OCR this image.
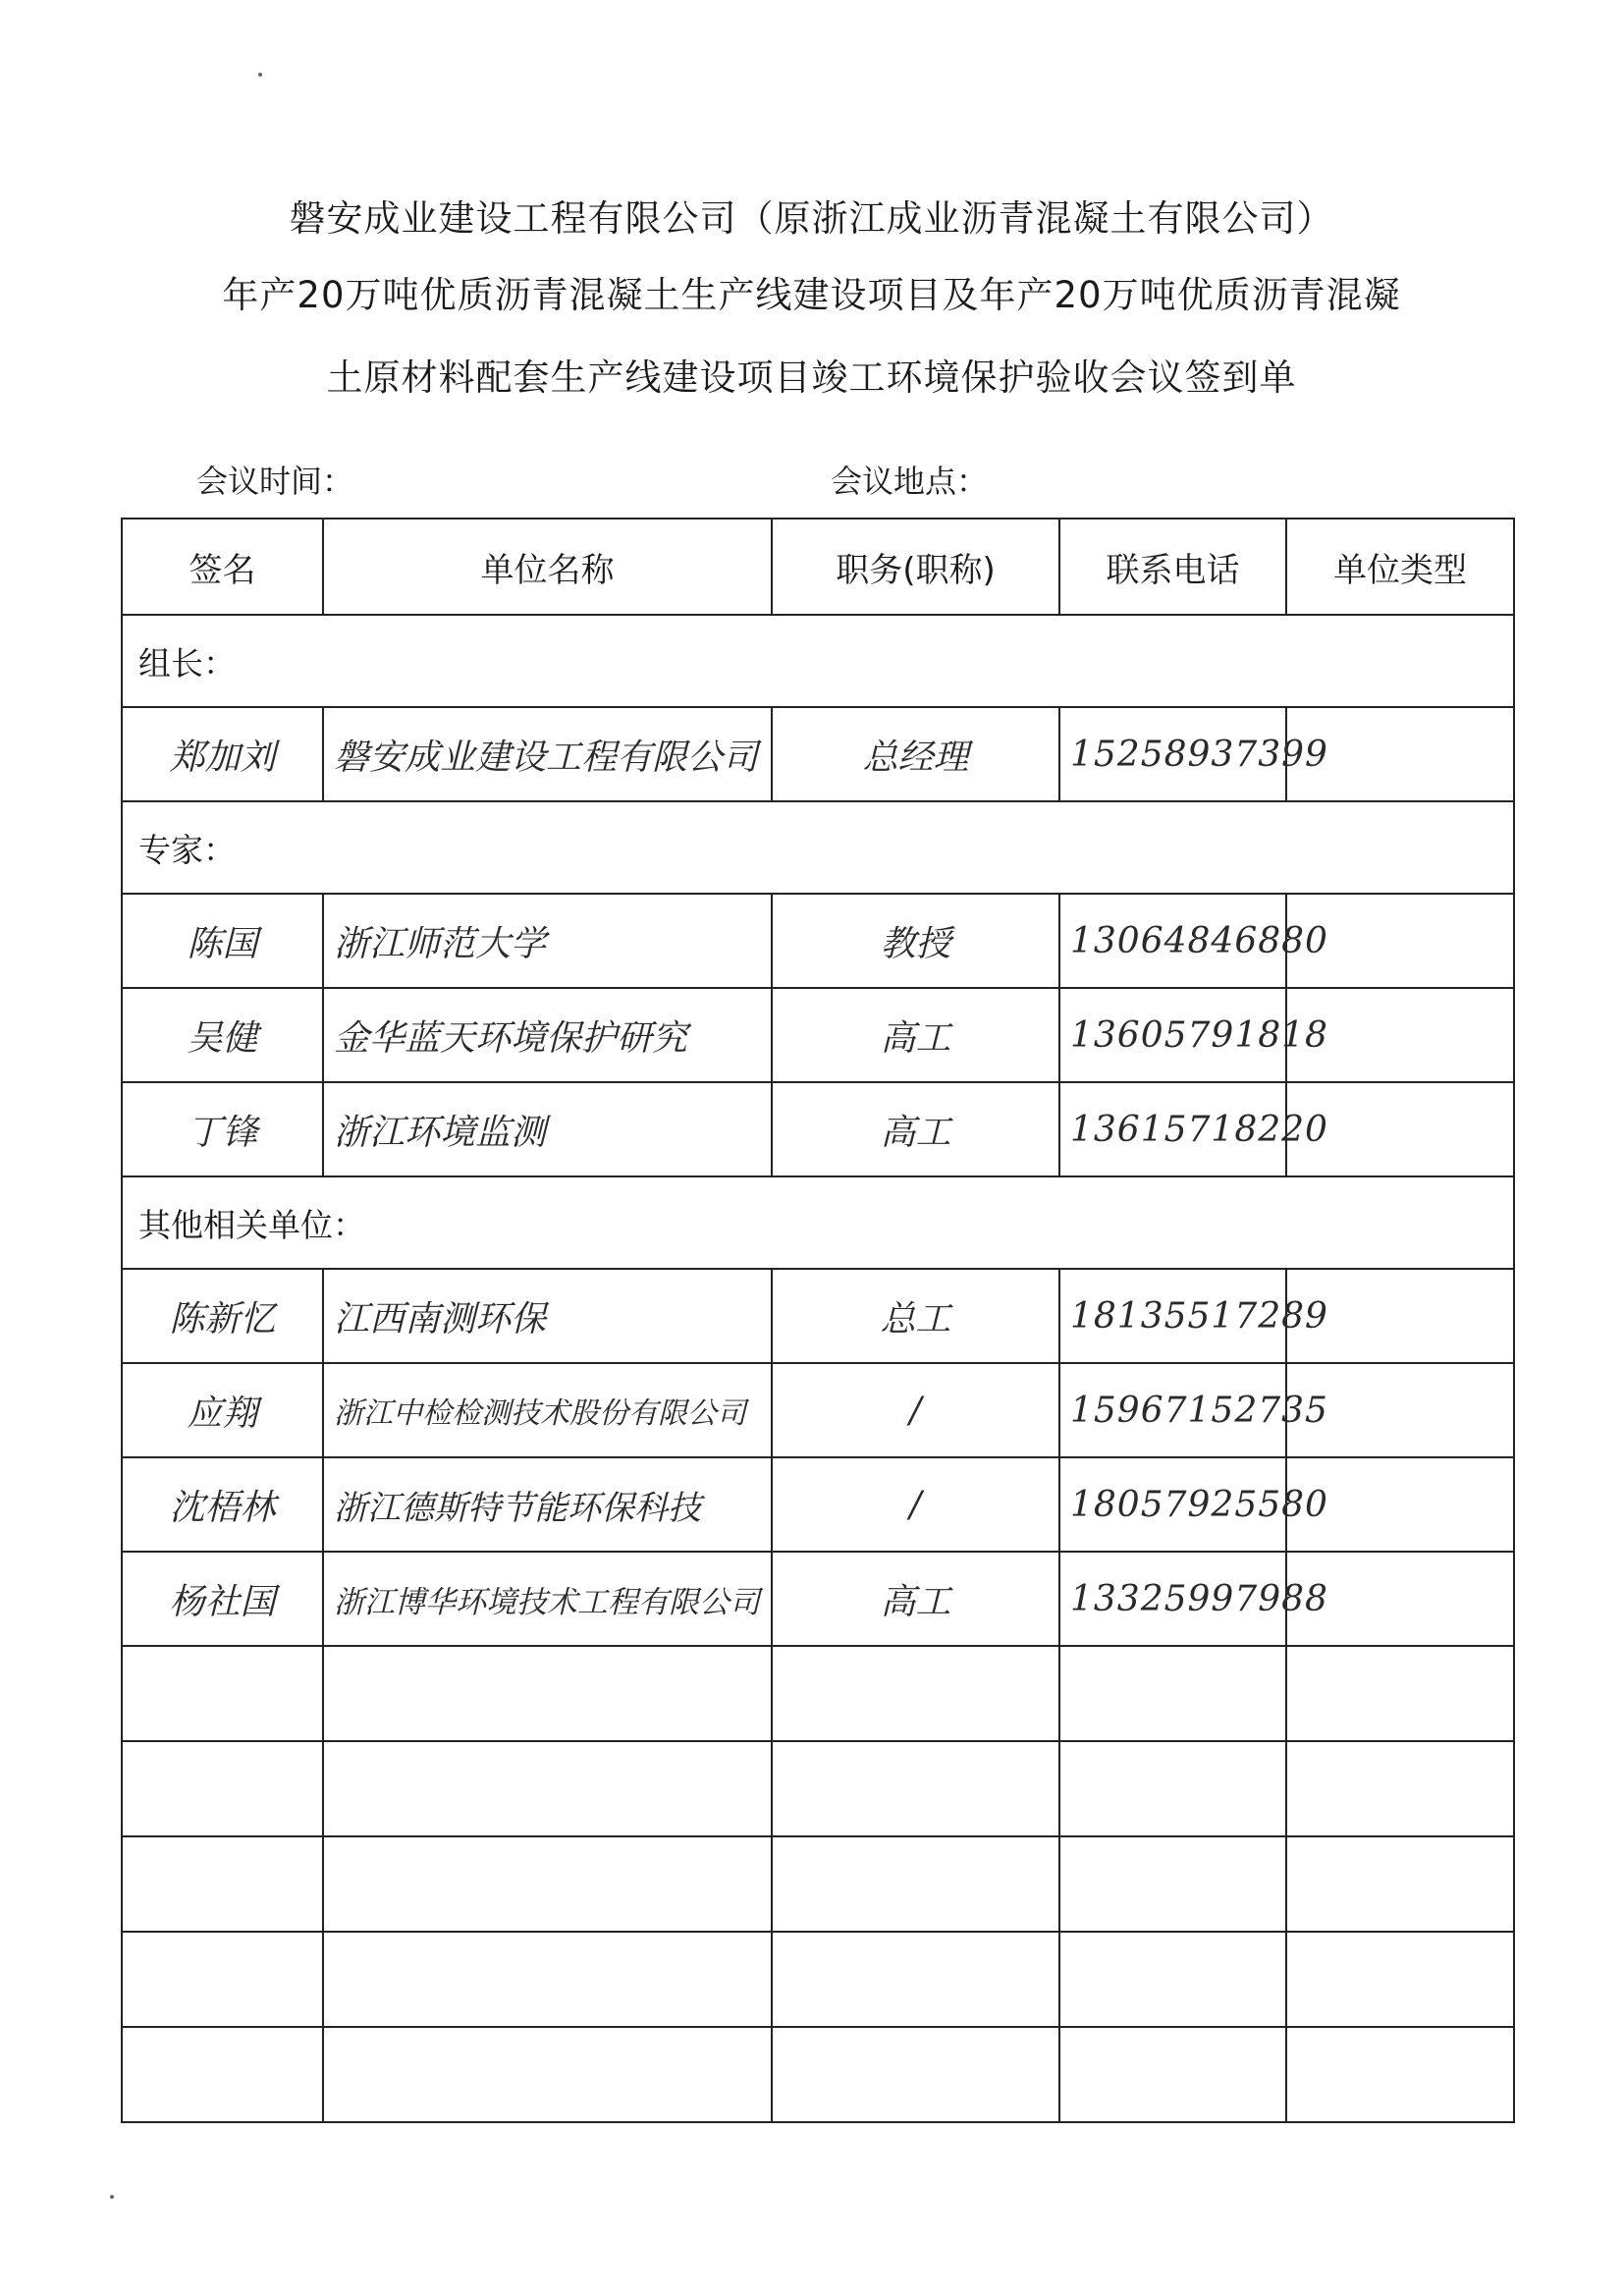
磐安成业建设工程有限公司（原浙江成业沥青混凝土有限公司）
年产20万吨优质沥青混凝土生产线建设项目及年产20万吨优质沥青混凝
土原材料配套生产线建设项目竣工环境保护验收会议签到单
会议时间：	会议地点：
签名	单位名称	职务(职称)	联系电话	单位类型
组长：				
郑加刘	磐安成业建设工程有限公司	总经理	15258937399	
专家：				
陈国	浙江师范大学	教授	13064846880	
吴健	金华蓝天环境保护研究	高工	13605791818	
丁锋	浙江环境监测	高工	13615718220	
其他相关单位：				
陈新忆	江西南测环保	总工	18135517289	
应翔	浙江中检检测技术股份有限公司	/	15967152735	
沈梧林	浙江德斯特节能环保科技	/	18057925580	
杨社国	浙江博华环境技术工程有限公司	高工	13325997988	
